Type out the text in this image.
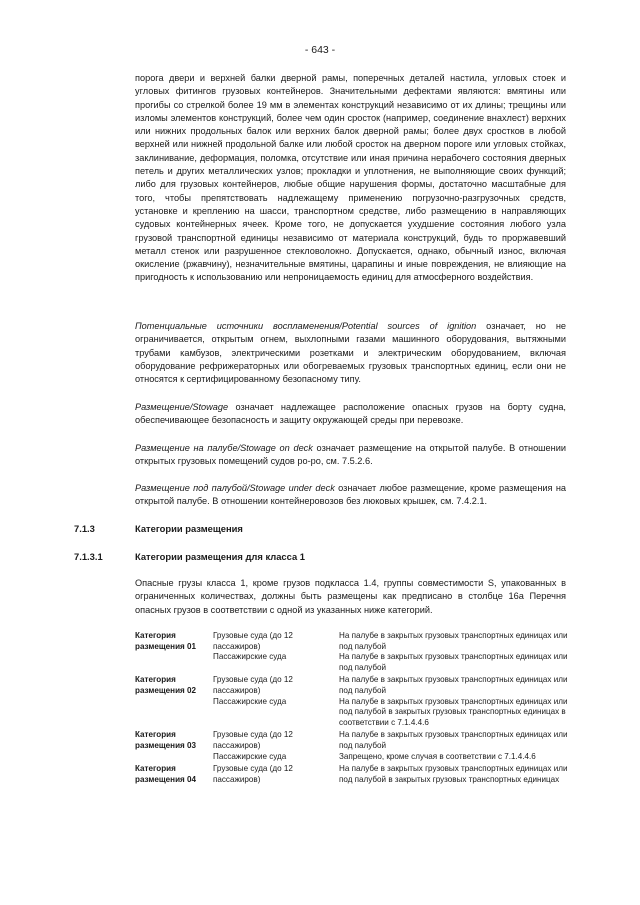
- 643 -

порога двери и верхней балки дверной рамы, поперечных деталей настила, угловых стоек и угловых фитингов грузовых контейнеров. Значительными дефектами являются: вмятины или прогибы со стрелкой более 19 мм в элементах конструкций независимо от их длины; трещины или изломы элементов конструкций, более чем один сросток (например, соединение внахлест) верхних или нижних продольных балок или верхних балок дверной рамы; более двух сростков в любой верхней или нижней продольной балке или любой сросток на дверном пороге или угловых стойках, заклинивание, деформация, поломка, отсутствие или иная причина нерабочего состояния дверных петель и других металлических узлов; прокладки и уплотнения, не выполняющие своих функций; либо для грузовых контейнеров, любые общие нарушения формы, достаточно масштабные для того, чтобы препятствовать надлежащему применению погрузочно-разгрузочных средств, установке и креплению на шасси, транспортном средстве, либо размещению в направляющих судовых контейнерных ячеек. Кроме того, не допускается ухудшение состояния любого узла грузовой транспортной единицы независимо от материала конструкций, будь то проржавевший металл стенок или разрушенное стекловолокно. Допускается, однако, обычный износ, включая окисление (ржавчину), незначительные вмятины, царапины и иные повреждения, не влияющие на пригодность к использованию или непроницаемость единиц для атмосферного воздействия.

Потенциальные источники воспламенения/Potential sources of ignition означает, но не ограничивается, открытым огнем, выхлопными газами машинного оборудования, вытяжными трубами камбузов, электрическими розетками и электрическим оборудованием, включая оборудование рефрижераторных или обогреваемых грузовых транспортных единиц, если они не относятся к сертифицированному безопасному типу.

Размещение/Stowage означает надлежащее расположение опасных грузов на борту судна, обеспечивающее безопасность и защиту окружающей среды при перевозке.

Размещение на палубе/Stowage on deck означает размещение на открытой палубе. В отношении открытых грузовых помещений судов ро-ро, см. 7.5.2.6.

Размещение под палубой/Stowage under deck означает любое размещение, кроме размещения на открытой палубе. В отношении контейнеровозов без люковых крышек, см. 7.4.2.1.

7.1.3	Категории размещения
7.1.3.1	Категории размещения для класса 1

Опасные грузы класса 1, кроме грузов подкласса 1.4, группы совместимости S, упакованных в ограниченных количествах, должны быть размещены как предписано в столбце 16а Перечня опасных грузов в соответствии с одной из указанных ниже категорий.

Категория размещения 01	Грузовые суда (до 12 пассажиров)	На палубе в закрытых грузовых транспортных единицах или под палубой
	Пассажирские суда	На палубе в закрытых грузовых транспортных единицах или под палубой
Категория размещения 02	Грузовые суда (до 12 пассажиров)	На палубе в закрытых грузовых транспортных единицах или под палубой
	Пассажирские суда	На палубе в закрытых грузовых транспортных единицах или под палубой в закрытых грузовых транспортных единицах в соответствии с 7.1.4.4.6
Категория размещения 03	Грузовые суда (до 12 пассажиров)	На палубе в закрытых грузовых транспортных единицах или под палубой
	Пассажирские суда	Запрещено, кроме случая в соответствии с 7.1.4.4.6
Категория размещения 04	Грузовые суда (до 12 пассажиров)	На палубе в закрытых грузовых транспортных единицах или под палубой в закрытых грузовых транспортных единицах
